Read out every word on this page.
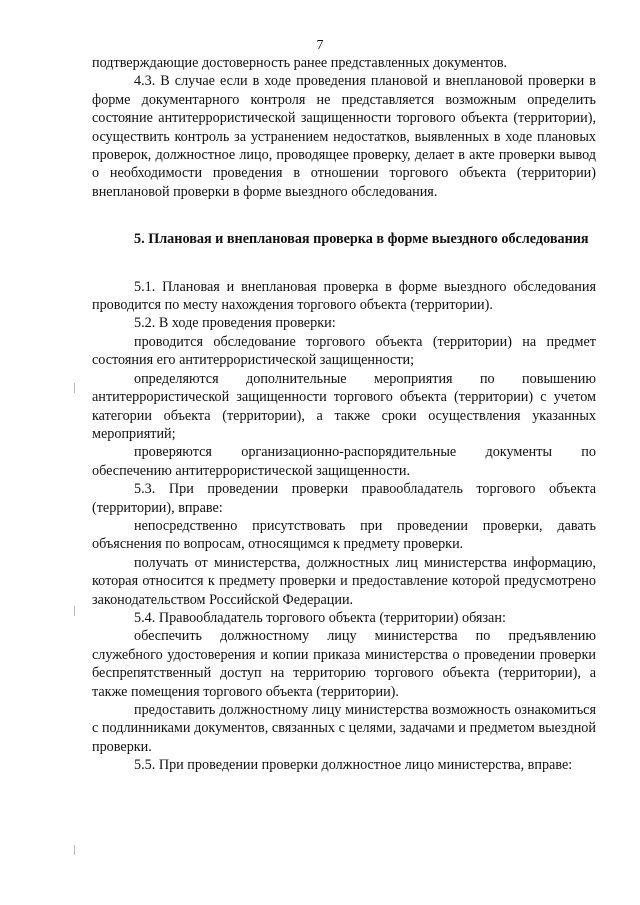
7

подтверждающие достоверность ранее представленных документов.

4.3. В случае если в ходе проведения плановой и внеплановой проверки в форме документарного контроля не представляется возможным определить состояние антитеррористической защищенности торгового объекта (территории), осуществить контроль за устранением недостатков, выявленных в ходе плановых проверок, должностное лицо, проводящее проверку, делает в акте проверки вывод о необходимости проведения в отношении торгового объекта (территории) внеплановой проверки в форме выездного обследования.

5. Плановая и внеплановая проверка в форме выездного обследования

5.1. Плановая и внеплановая проверка в форме выездного обследования проводится по месту нахождения торгового объекта (территории).

5.2. В ходе проведения проверки:

проводится обследование торгового объекта (территории) на предмет состояния его антитеррористической защищенности;

определяются дополнительные мероприятия по повышению антитеррористической защищенности торгового объекта (территории) с учетом категории объекта (территории), а также сроки осуществления указанных мероприятий;

проверяются организационно-распорядительные документы по обеспечению антитеррористической защищенности.

5.3. При проведении проверки правообладатель торгового объекта (территории), вправе:

непосредственно присутствовать при проведении проверки, давать объяснения по вопросам, относящимся к предмету проверки.

получать от министерства, должностных лиц министерства информацию, которая относится к предмету проверки и предоставление которой предусмотрено законодательством Российской Федерации.

5.4. Правообладатель торгового объекта (территории) обязан:

обеспечить должностному лицу министерства по предъявлению служебного удостоверения и копии приказа министерства о проведении проверки беспрепятственный доступ на территорию торгового объекта (территории), а также помещения торгового объекта (территории).

предоставить должностному лицу министерства возможность ознакомиться с подлинниками документов, связанных с целями, задачами и предметом выездной проверки.

5.5. При проведении проверки должностное лицо министерства, вправе:
